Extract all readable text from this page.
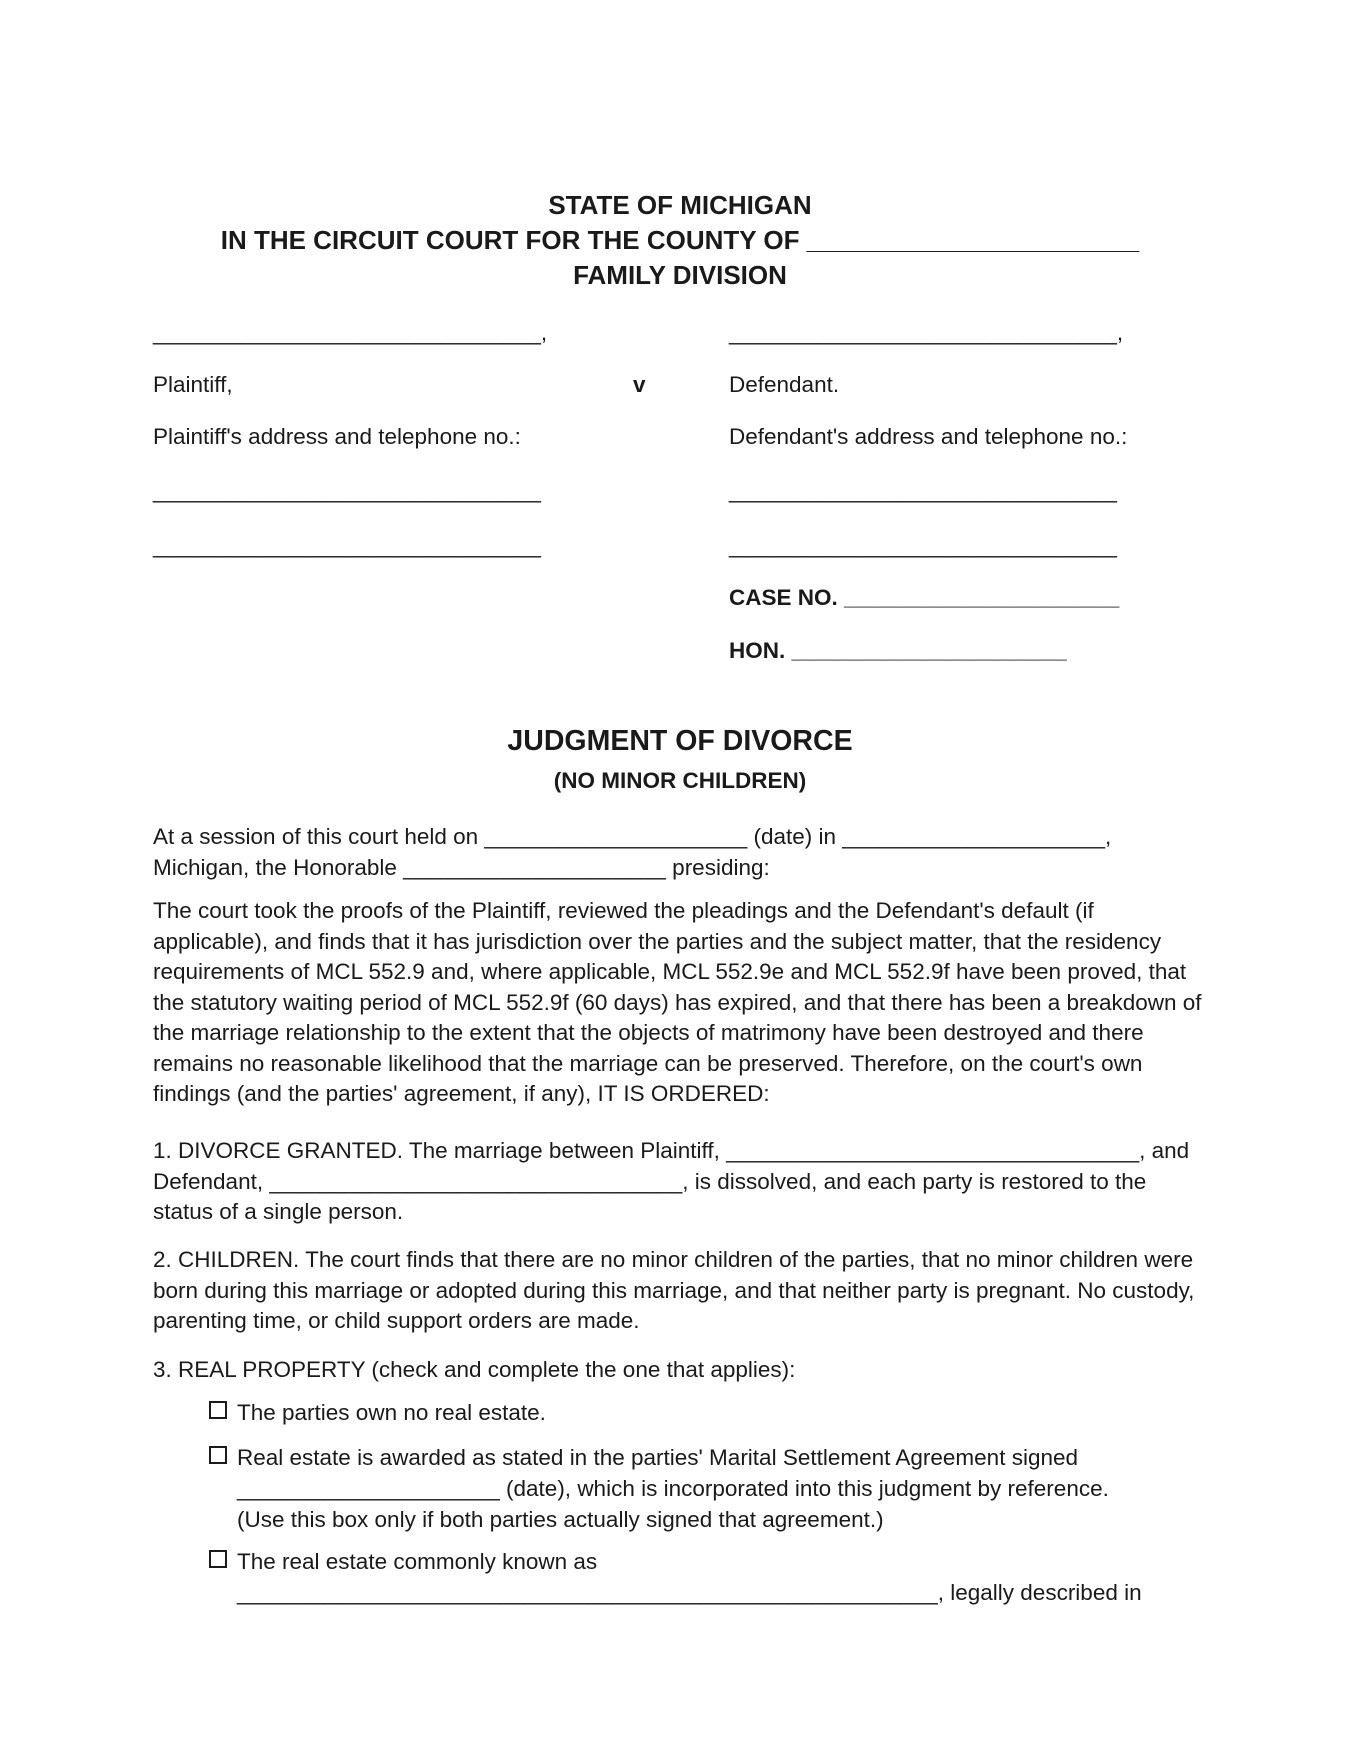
STATE OF MICHIGAN
IN THE CIRCUIT COURT FOR THE COUNTY OF _______________________
FAMILY DIVISION
_______________________________,	_______________________________,
Plaintiff,	v	Defendant.
Plaintiff's address and telephone no.:	Defendant's address and telephone no.:
_______________________________	_______________________________
_______________________________	_______________________________
CASE NO. ______________________
HON. ______________________
JUDGMENT OF DIVORCE
(NO MINOR CHILDREN)
At a session of this court held on _____________________ (date) in _____________________, Michigan, the Honorable _____________________ presiding:
The court took the proofs of the Plaintiff, reviewed the pleadings and the Defendant's default (if applicable), and finds that it has jurisdiction over the parties and the subject matter, that the residency requirements of MCL 552.9 and, where applicable, MCL 552.9e and MCL 552.9f have been proved, that the statutory waiting period of MCL 552.9f (60 days) has expired, and that there has been a breakdown of the marriage relationship to the extent that the objects of matrimony have been destroyed and there remains no reasonable likelihood that the marriage can be preserved. Therefore, on the court's own findings (and the parties' agreement, if any), IT IS ORDERED:
1. DIVORCE GRANTED. The marriage between Plaintiff, _________________________________, and Defendant, _________________________________, is dissolved, and each party is restored to the status of a single person.
2. CHILDREN. The court finds that there are no minor children of the parties, that no minor children were born during this marriage or adopted during this marriage, and that neither party is pregnant. No custody, parenting time, or child support orders are made.
3. REAL PROPERTY (check and complete the one that applies):
The parties own no real estate.
Real estate is awarded as stated in the parties' Marital Settlement Agreement signed
_____________________ (date), which is incorporated into this judgment by reference.
(Use this box only if both parties actually signed that agreement.)
The real estate commonly known as
________________________________________________________, legally described in
